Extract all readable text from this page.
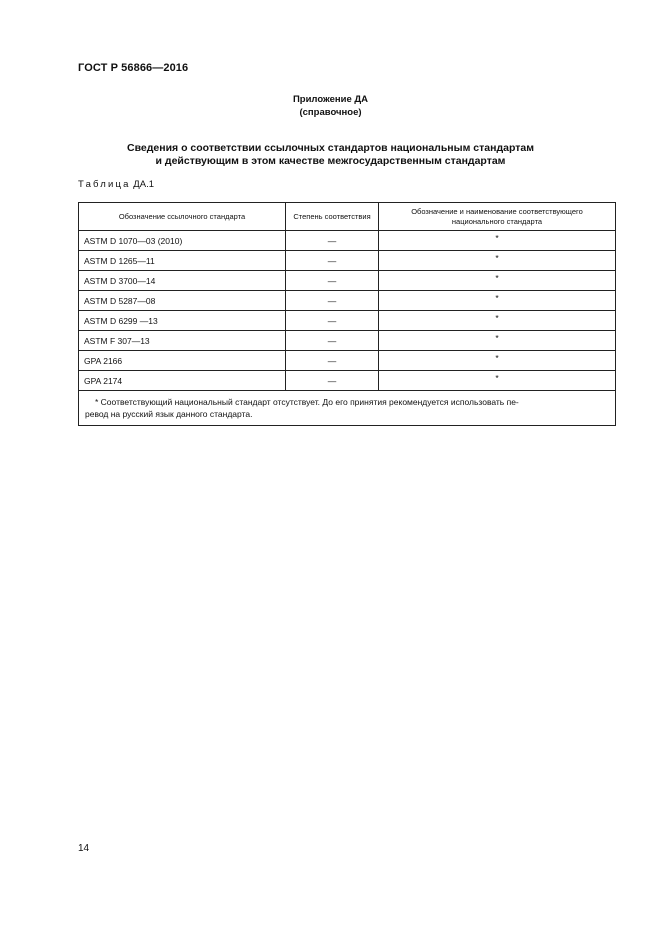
ГОСТ Р 56866—2016
Приложение ДА
(справочное)
Сведения о соответствии ссылочных стандартов национальным стандартам
и действующим в этом качестве межгосударственным стандартам
Таблица ДА.1
Обозначение ссылочного стандарта	Степень соответствия	Обозначение и наименование соответствующего национального стандарта
ASTM D 1070—03 (2010)	—	*
ASTM D 1265—11	—	*
ASTM D 3700—14	—	*
ASTM D 5287—08	—	*
ASTM D 6299 —13	—	*
ASTM F 307—13	—	*
GPA 2166	—	*
GPA 2174	—	*

* Соответствующий национальный стандарт отсутствует. До его принятия рекомендуется использовать пе-
ревод на русский язык данного стандарта.		
14
